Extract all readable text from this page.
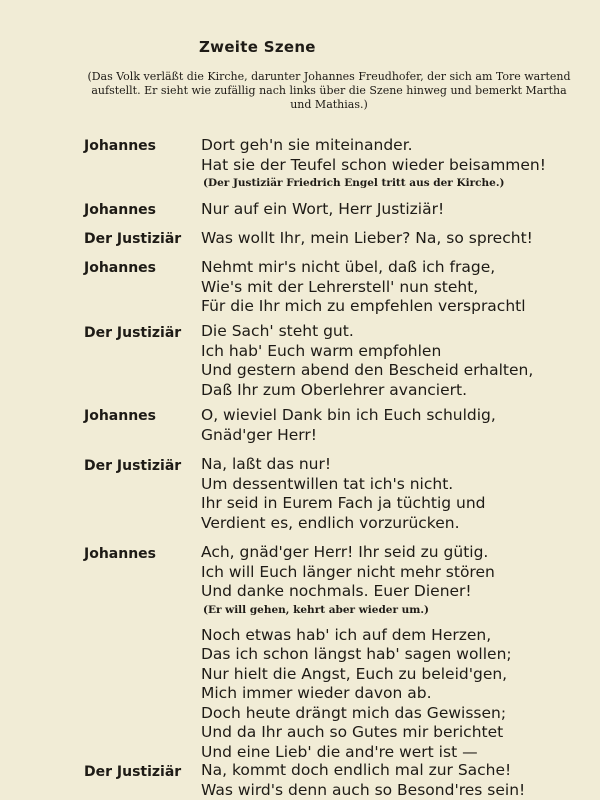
Zweite Szene
(Das Volk verläßt die Kirche, darunter Johannes Freudhofer, der sich am Tore wartend aufstellt. Er sieht wie zufällig nach links über die Szene hinweg und bemerkt Martha und Mathias.)
Johannes	Dort geh'n sie miteinander.
Hat sie der Teufel schon wieder beisammen!
(Der Justiziär Friedrich Engel tritt aus der Kirche.)
Johannes	Nur auf ein Wort, Herr Justiziär!
Der Justiziär	Was wollt Ihr, mein Lieber? Na, so sprecht!
Johannes	Nehmt mir's nicht übel, daß ich frage,
Wie's mit der Lehrerstell' nun steht,
Für die Ihr mich zu empfehlen versprachtl
Der Justiziär	Die Sach' steht gut.
Ich hab' Euch warm empfohlen
Und gestern abend den Bescheid erhalten,
Daß Ihr zum Oberlehrer avanciert.
Johannes	O, wieviel Dank bin ich Euch schuldig,
Gnäd'ger Herr!
Der Justiziär	Na, laßt das nur!
Um dessentwillen tat ich's nicht.
Ihr seid in Eurem Fach ja tüchtig und
Verdient es, endlich vorzurücken.
Johannes	Ach, gnäd'ger Herr! Ihr seid zu gütig.
Ich will Euch länger nicht mehr stören
Und danke nochmals. Euer Diener!
(Er will gehen, kehrt aber wieder um.)
Noch etwas hab' ich auf dem Herzen,
Das ich schon längst hab' sagen wollen;
Nur hielt die Angst, Euch zu beleid'gen,
Mich immer wieder davon ab.
Doch heute drängt mich das Gewissen;
Und da Ihr auch so Gutes mir berichtet
Und eine Lieb' die and're wert ist —
Der Justiziär	Na, kommt doch endlich mal zur Sache!
Was wird's denn auch so Besond'res sein!
